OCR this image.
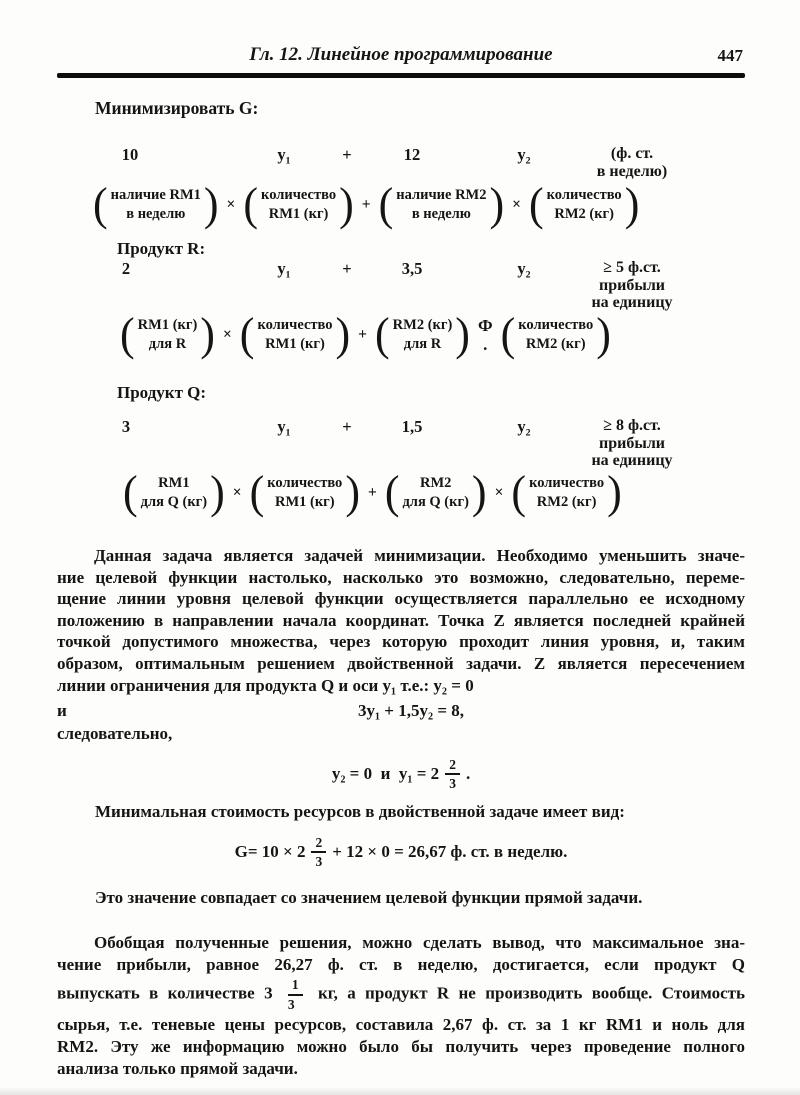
Гл. 12. Линейное программирование	447
Минимизировать G:
10	y₁	+	12	y₂	(ф. ст.
в неделю)
( наличие RM1
в неделю ) × ( количество
RM1 (кг) ) + ( наличие RM2
в неделю ) × ( количество
RM2 (кг) )
Продукт R:
2	y₁	+	3,5	y₂	≥ 5 ф.ст.
прибыли
на единицу
( RM1 (кг)
для R ) × ( количество
RM1 (кг) ) + ( RM2 (кг)
для R ) Ф
. ( количество
RM2 (кг) )
Продукт Q:
3	y₁	+	1,5	y₂	≥ 8 ф.ст.
прибыли
на единицу
(	RM1
для Q (кг) ) × ( количество
RM1 (кг) ) + (	RM2
для Q (кг) ) × ( количество
RM2 (кг) )
Данная задача является задачей минимизации. Необходимо уменьшить значе-
ние целевой функции настолько, насколько это возможно, следовательно, переме-
щение линии уровня целевой функции осуществляется параллельно ее исходному
положению в направлении начала координат. Точка Z является последней крайней
точкой допустимого множества, через которую проходит линия уровня, и, таким
образом, оптимальным решением двойственной задачи. Z является пересечением
линии ограничения для продукта Q и оси y₁ т.е.: y₂ = 0
и	3y₁ + 1,5y₂ = 8,
следовательно,
y₂ = 0  и  $y_1 = 2 \frac{2}{3}$ .
Минимальная стоимость ресурсов в двойственной задаче имеет вид:
$G= 10 \times 2 \frac{2}{3} + 12 \times 0 = 26,67$ ф. ст. в неделю.
Это значение совпадает со значением целевой функции прямой задачи.
Обобщая полученные решения, можно сделать вывод, что максимальное зна-
чение прибыли, равное 26,27 ф. ст. в неделю, достигается, если продукт Q
выпускать в количестве $3 \frac{1}{3}$ кг, а продукт R не производить вообще. Стоимость
сырья, т.е. теневые цены ресурсов, составила 2,67 ф. ст. за 1 кг RM1 и ноль для
RM2. Эту же информацию можно было бы получить через проведение полного
анализа только прямой задачи.
